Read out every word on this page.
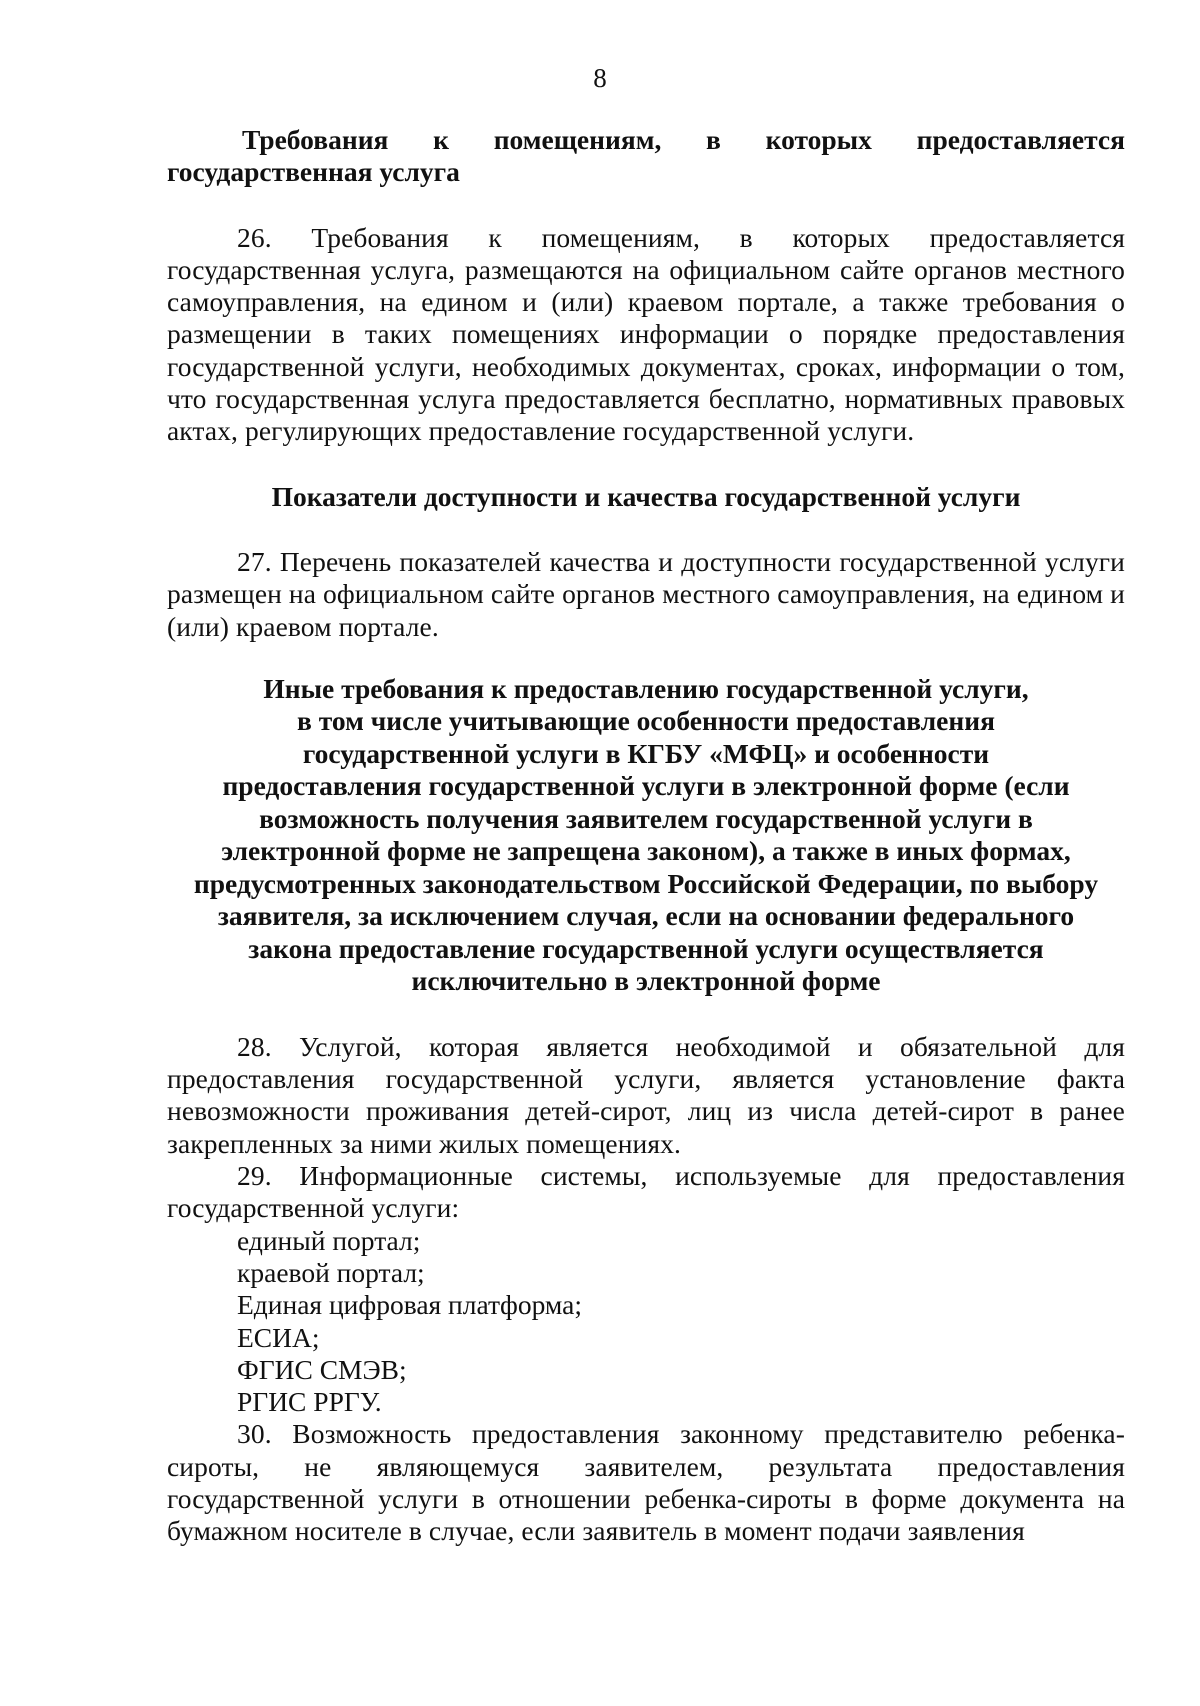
8

Требования к помещениям, в которых предоставляется государственная услуга

26. Требования к помещениям, в которых предоставляется государственная услуга, размещаются на официальном сайте органов местного самоуправления, на едином и (или) краевом портале, а также требования о размещении в таких помещениях информации о порядке предоставления государственной услуги, необходимых документах, сроках, информации о том, что государственная услуга предоставляется бесплатно, нормативных правовых актах, регулирующих предоставление государственной услуги.

Показатели доступности и качества государственной услуги

27. Перечень показателей качества и доступности государственной услуги размещен на официальном сайте органов местного самоуправления, на едином и (или) краевом портале.

Иные требования к предоставлению государственной услуги,
в том числе учитывающие особенности предоставления
государственной услуги в КГБУ «МФЦ» и особенности
предоставления государственной услуги в электронной форме (если
возможность получения заявителем государственной услуги в
электронной форме не запрещена законом), а также в иных формах,
предусмотренных законодательством Российской Федерации, по выбору
заявителя, за исключением случая, если на основании федерального
закона предоставление государственной услуги осуществляется
исключительно в электронной форме

28. Услугой, которая является необходимой и обязательной для предоставления государственной услуги, является установление факта невозможности проживания детей-сирот, лиц из числа детей-сирот в ранее закрепленных за ними жилых помещениях.

29. Информационные системы, используемые для предоставления государственной услуги:

единый портал;

краевой портал;

Единая цифровая платформа;

ЕСИА;

ФГИС СМЭВ;

РГИС РРГУ.

30. Возможность предоставления законному представителю ребенка-сироты, не являющемуся заявителем, результата предоставления государственной услуги в отношении ребенка-сироты в форме документа на бумажном носителе в случае, если заявитель в момент подачи заявления
